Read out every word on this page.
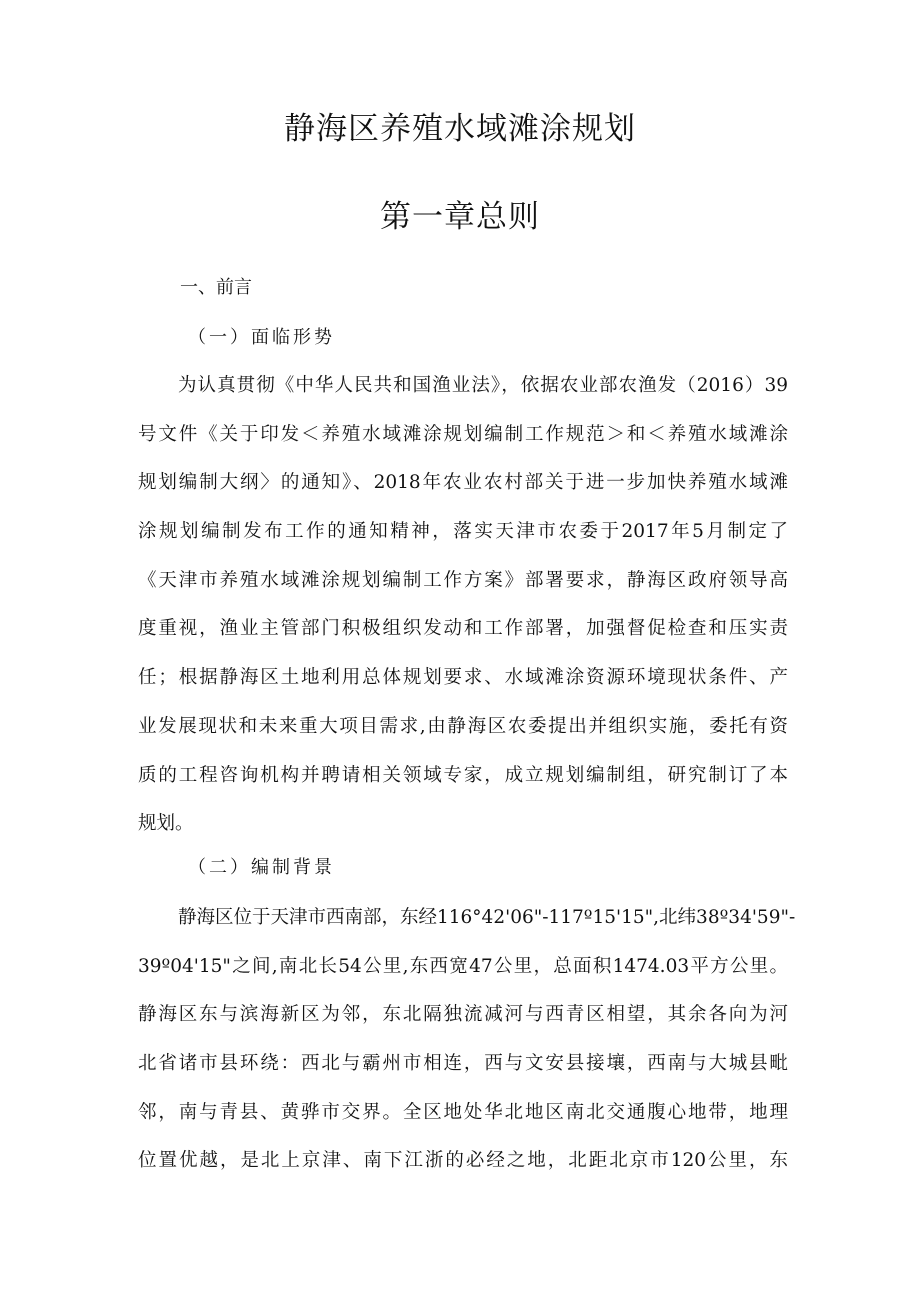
静海区养殖水域滩涂规划
第一章总则
一、前言
（一）面临形势
为认真贯彻《中华人民共和国渔业法》，依据农业部农渔发（2016）39
号文件《关于印发＜养殖水域滩涂规划编制工作规范＞和＜养殖水域滩涂
规划编制大纲〉的通知》、2018年农业农村部关于进一步加快养殖水域滩
涂规划编制发布工作的通知精神，落实天津市农委于2017年5月制定了
《天津市养殖水域滩涂规划编制工作方案》部署要求，静海区政府领导高
度重视，渔业主管部门积极组织发动和工作部署，加强督促检查和压实责
任；根据静海区土地利用总体规划要求、水域滩涂资源环境现状条件、产
业发展现状和未来重大项目需求,由静海区农委提出并组织实施，委托有资
质的工程咨询机构并聘请相关领域专家，成立规划编制组，研究制订了本
规划。
（二）编制背景
静海区位于天津市西南部，东经116°42'06"-117º15'15",北纬38º34'59"-
39º04'15"之间,南北长54公里,东西宽47公里，总面积1474.03平方公里。
静海区东与滨海新区为邻，东北隔独流减河与西青区相望，其余各向为河
北省诸市县环绕：西北与霸州市相连，西与文安县接壤，西南与大城县毗
邻，南与青县、黄骅市交界。全区地处华北地区南北交通腹心地带，地理
位置优越，是北上京津、南下江浙的必经之地，北距北京市120公里，东
